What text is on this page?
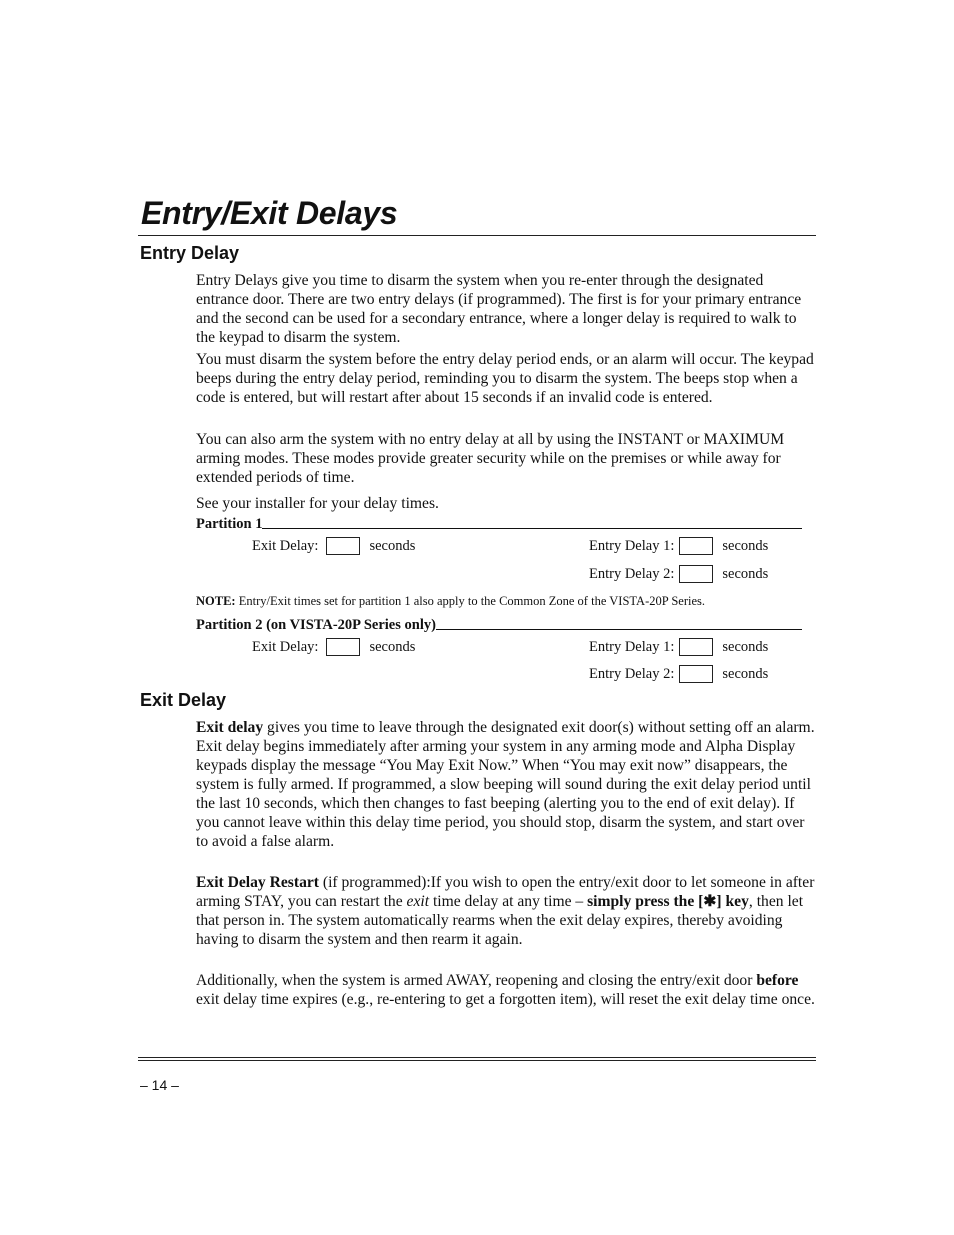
Entry/Exit Delays
Entry Delay

Entry Delays give you time to disarm the system when you re-enter through the designated entrance door. There are two entry delays (if programmed). The first is for your primary entrance and the second can be used for a secondary entrance, where a longer delay is required to walk to the keypad to disarm the system.

You must disarm the system before the entry delay period ends, or an alarm will occur. The keypad beeps during the entry delay period, reminding you to disarm the system. The beeps stop when a code is entered, but will restart after about 15 seconds if an invalid code is entered.

You can also arm the system with no entry delay at all by using the INSTANT or MAXIMUM arming modes. These modes provide greater security while on the premises or while away for extended periods of time.

See your installer for your delay times.

Partition 1
Exit Delay:	seconds	Entry Delay 1:	seconds
Entry Delay 2:	seconds

NOTE: Entry/Exit times set for partition 1 also apply to the Common Zone of the VISTA-20P Series.

Partition 2 (on VISTA-20P Series only)
Exit Delay:	seconds	Entry Delay 1:	seconds
Entry Delay 2:	seconds
Exit Delay

Exit delay gives you time to leave through the designated exit door(s) without setting off an alarm. Exit delay begins immediately after arming your system in any arming mode and Alpha Display keypads display the message “You May Exit Now.” When “You may exit now” disappears, the system is fully armed. If programmed, a slow beeping will sound during the exit delay period until the last 10 seconds, which then changes to fast beeping (alerting you to the end of exit delay). If you cannot leave within this delay time period, you should stop, disarm the system, and start over to avoid a false alarm.

Exit Delay Restart (if programmed):If you wish to open the entry/exit door to let someone in after arming STAY, you can restart the exit time delay at any time – simply press the [✱] key, then let that person in. The system automatically rearms when the exit delay expires, thereby avoiding having to disarm the system and then rearm it again.

Additionally, when the system is armed AWAY, reopening and closing the entry/exit door before exit delay time expires (e.g., re-entering to get a forgotten item), will reset the exit delay time once.

– 14 –
